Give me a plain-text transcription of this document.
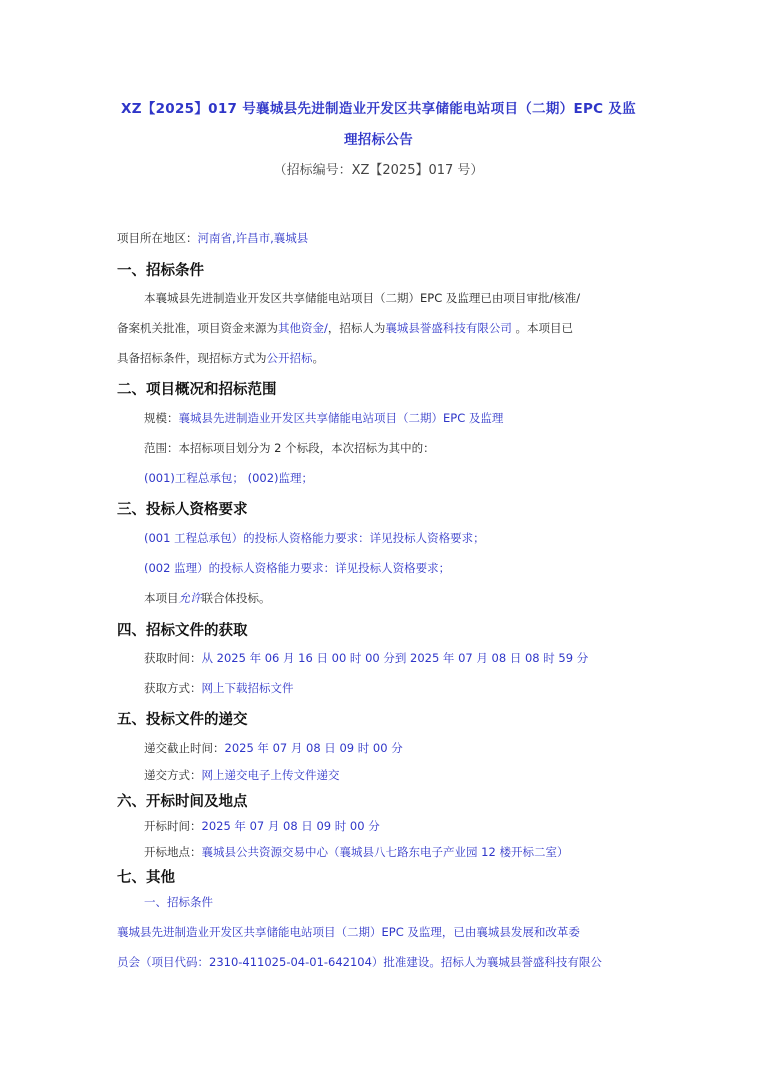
XZ【2025】017 号襄城县先进制造业开发区共享储能电站项目（二期）EPC 及监
理招标公告
（招标编号：XZ【2025】017 号）
项目所在地区：河南省,许昌市,襄城县
一、招标条件
本襄城县先进制造业开发区共享储能电站项目（二期）EPC 及监理已由项目审批/核准/
备案机关批准，项目资金来源为其他资金/，招标人为襄城县誉盛科技有限公司 。本项目已
具备招标条件，现招标方式为公开招标。
二、项目概况和招标范围
规模：襄城县先进制造业开发区共享储能电站项目（二期）EPC 及监理
范围：本招标项目划分为 2 个标段，本次招标为其中的：
(001)工程总承包； (002)监理；
三、投标人资格要求
(001 工程总承包）的投标人资格能力要求：详见投标人资格要求；
(002 监理）的投标人资格能力要求：详见投标人资格要求；
本项目允许联合体投标。
四、招标文件的获取
获取时间：从 2025 年 06 月 16 日 00 时 00 分到 2025 年 07 月 08 日 08 时 59 分
获取方式：网上下载招标文件
五、投标文件的递交
递交截止时间：2025 年 07 月 08 日 09 时 00 分
递交方式：网上递交电子上传文件递交
六、开标时间及地点
开标时间：2025 年 07 月 08 日 09 时 00 分
开标地点：襄城县公共资源交易中心（襄城县八七路东电子产业园 12 楼开标二室）
七、其他
一、招标条件
襄城县先进制造业开发区共享储能电站项目（二期）EPC 及监理，已由襄城县发展和改革委
员会（项目代码：2310-411025-04-01-642104）批准建设。招标人为襄城县誉盛科技有限公
